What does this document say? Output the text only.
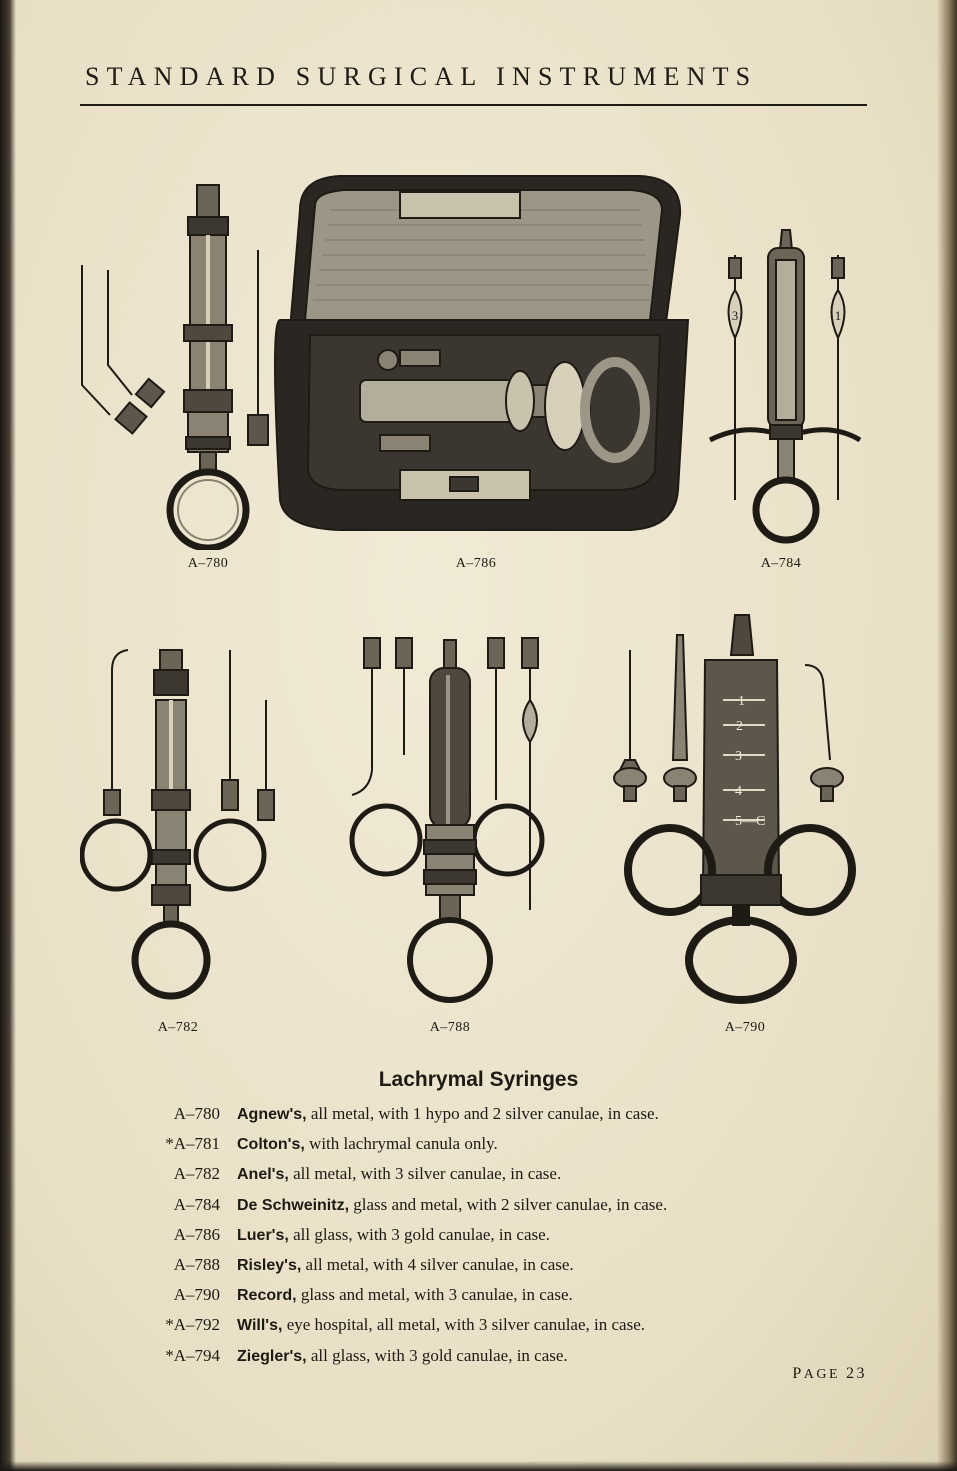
STANDARD SURGICAL INSTRUMENTS
A–780	A–786
3	1
A–784
A–782	A–788
1
2
3
4
5—C
A–790
Lachrymal Syringes
A–780	Agnew's, all metal, with 1 hypo and 2 silver canulae, in case.
*A–781	Colton's, with lachrymal canula only.
A–782	Anel's, all metal, with 3 silver canulae, in case.
A–784	De Schweinitz, glass and metal, with 2 silver canulae, in case.
A–786	Luer's, all glass, with 3 gold canulae, in case.
A–788	Risley's, all metal, with 4 silver canulae, in case.
A–790	Record, glass and metal, with 3 canulae, in case.
*A–792	Will's, eye hospital, all metal, with 3 silver canulae, in case.
*A–794	Ziegler's, all glass, with 3 gold canulae, in case.
PAGE 23
